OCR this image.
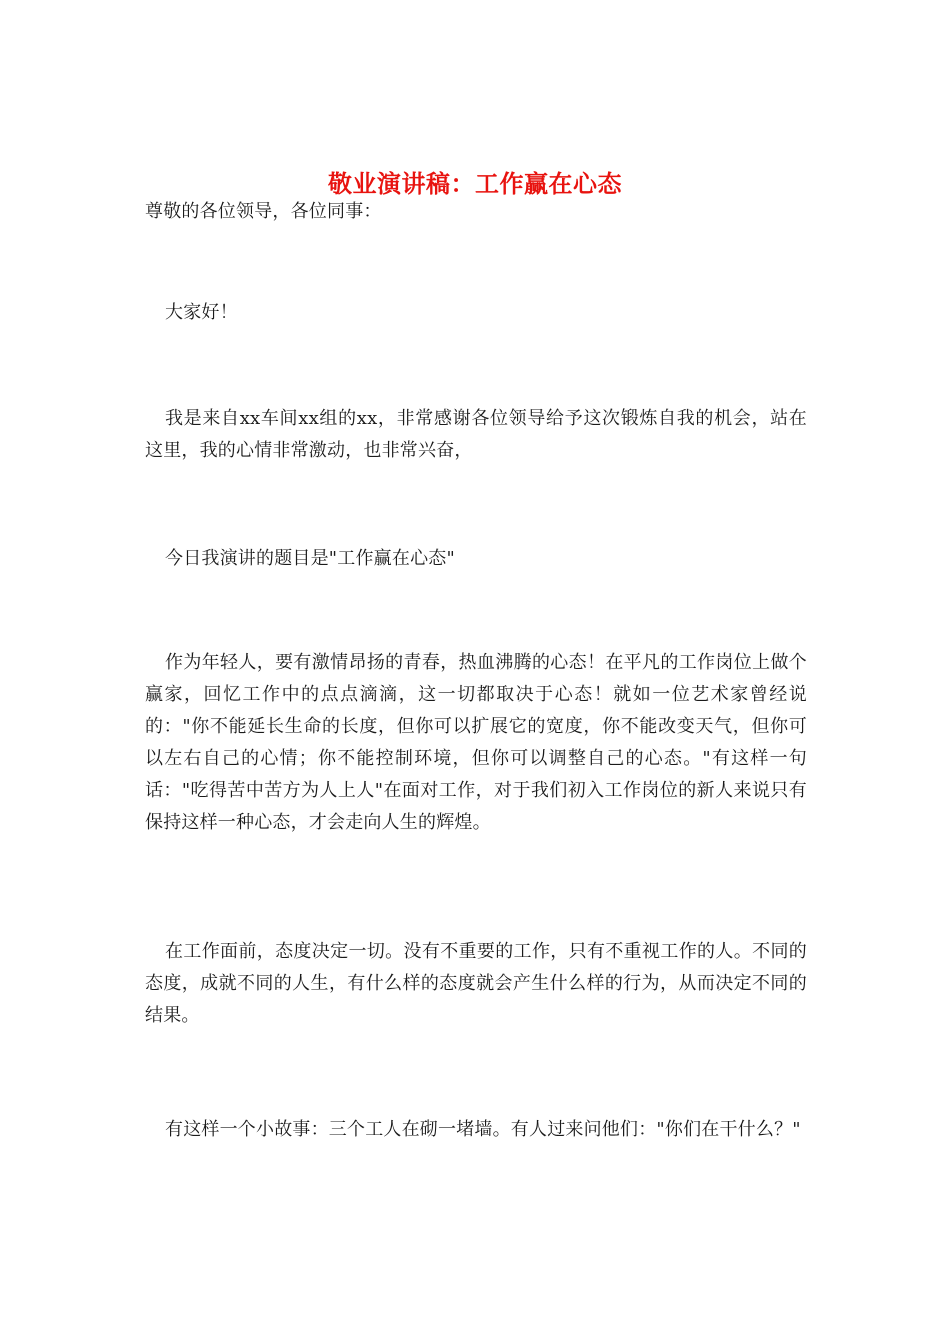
敬业演讲稿：工作赢在心态

尊敬的各位领导，各位同事：

大家好！

我是来自xx车间xx组的xx，非常感谢各位领导给予这次锻炼自我的机会，站在这里，我的心情非常激动，也非常兴奋，

今日我演讲的题目是"工作赢在心态"

作为年轻人，要有激情昂扬的青春，热血沸腾的心态！在平凡的工作岗位上做个赢家，回忆工作中的点点滴滴，这一切都取决于心态！就如一位艺术家曾经说的："你不能延长生命的长度，但你可以扩展它的宽度，你不能改变天气，但你可以左右自己的心情；你不能控制环境，但你可以调整自己的心态。"有这样一句话："吃得苦中苦方为人上人"在面对工作，对于我们初入工作岗位的新人来说只有保持这样一种心态，才会走向人生的辉煌。

在工作面前，态度决定一切。没有不重要的工作，只有不重视工作的人。不同的态度，成就不同的人生，有什么样的态度就会产生什么样的行为，从而决定不同的结果。

有这样一个小故事：三个工人在砌一堵墙。有人过来问他们："你们在干什么？"
